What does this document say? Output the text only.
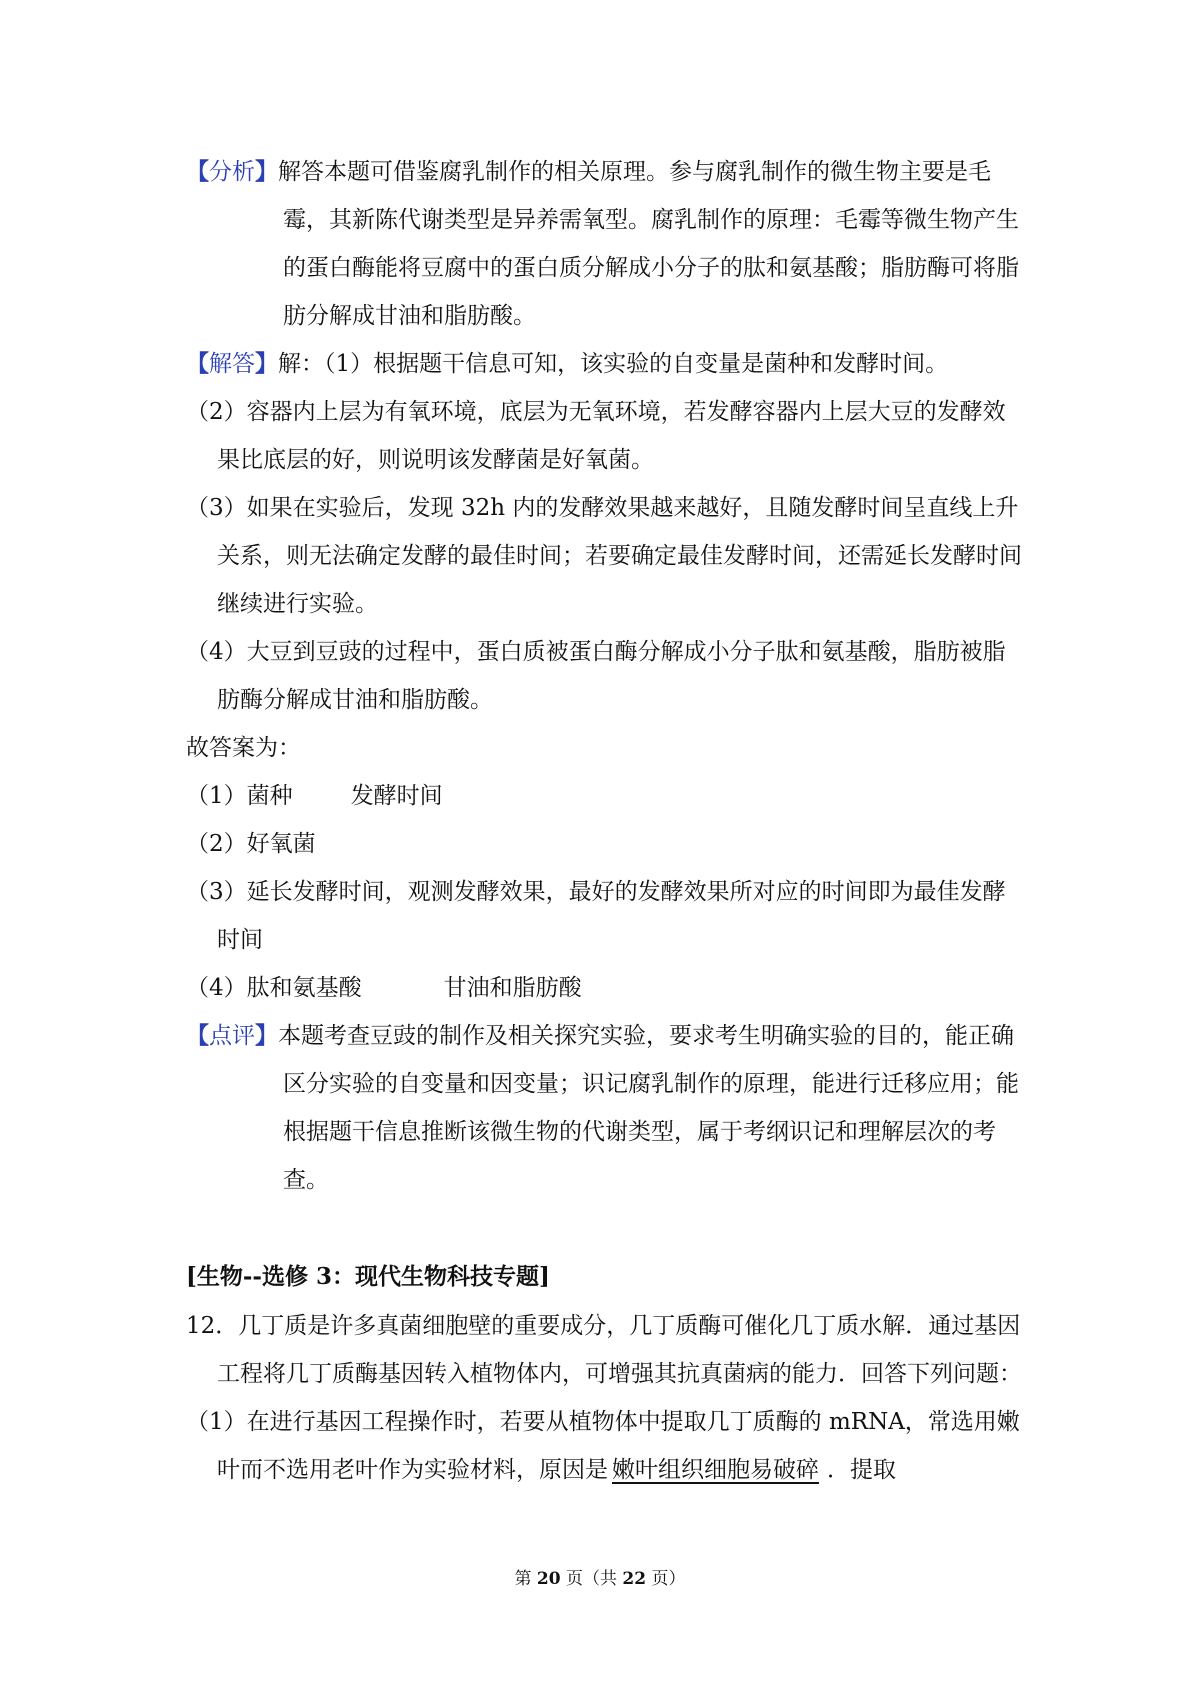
【分析】解答本题可借鉴腐乳制作的相关原理。参与腐乳制作的微生物主要是毛霉，其新陈代谢类型是异养需氧型。腐乳制作的原理：毛霉等微生物产生的蛋白酶能将豆腐中的蛋白质分解成小分子的肽和氨基酸；脂肪酶可将脂肪分解成甘油和脂肪酸。

【解答】解：（1）根据题干信息可知，该实验的自变量是菌种和发酵时间。

（2）容器内上层为有氧环境，底层为无氧环境，若发酵容器内上层大豆的发酵效果比底层的好，则说明该发酵菌是好氧菌。

（3）如果在实验后，发现 32h 内的发酵效果越来越好，且随发酵时间呈直线上升关系，则无法确定发酵的最佳时间；若要确定最佳发酵时间，还需延长发酵时间继续进行实验。

（4）大豆到豆豉的过程中，蛋白质被蛋白酶分解成小分子肽和氨基酸，脂肪被脂肪酶分解成甘油和脂肪酸。

故答案为：

（1）菌种	发酵时间

（2）好氧菌

（3）延长发酵时间，观测发酵效果，最好的发酵效果所对应的时间即为最佳发酵时间

（4）肽和氨基酸	甘油和脂肪酸

【点评】本题考查豆豉的制作及相关探究实验，要求考生明确实验的目的，能正确区分实验的自变量和因变量；识记腐乳制作的原理，能进行迁移应用；能根据题干信息推断该微生物的代谢类型，属于考纲识记和理解层次的考查。

[生物--选修 3：现代生物科技专题]

12．几丁质是许多真菌细胞壁的重要成分，几丁质酶可催化几丁质水解．通过基因工程将几丁质酶基因转入植物体内，可增强其抗真菌病的能力．回答下列问题：

（1）在进行基因工程操作时，若要从植物体中提取几丁质酶的 mRNA，常选用嫩叶而不选用老叶作为实验材料，原因是 嫩叶组织细胞易破碎 ．提取

第 20 页（共 22 页）
